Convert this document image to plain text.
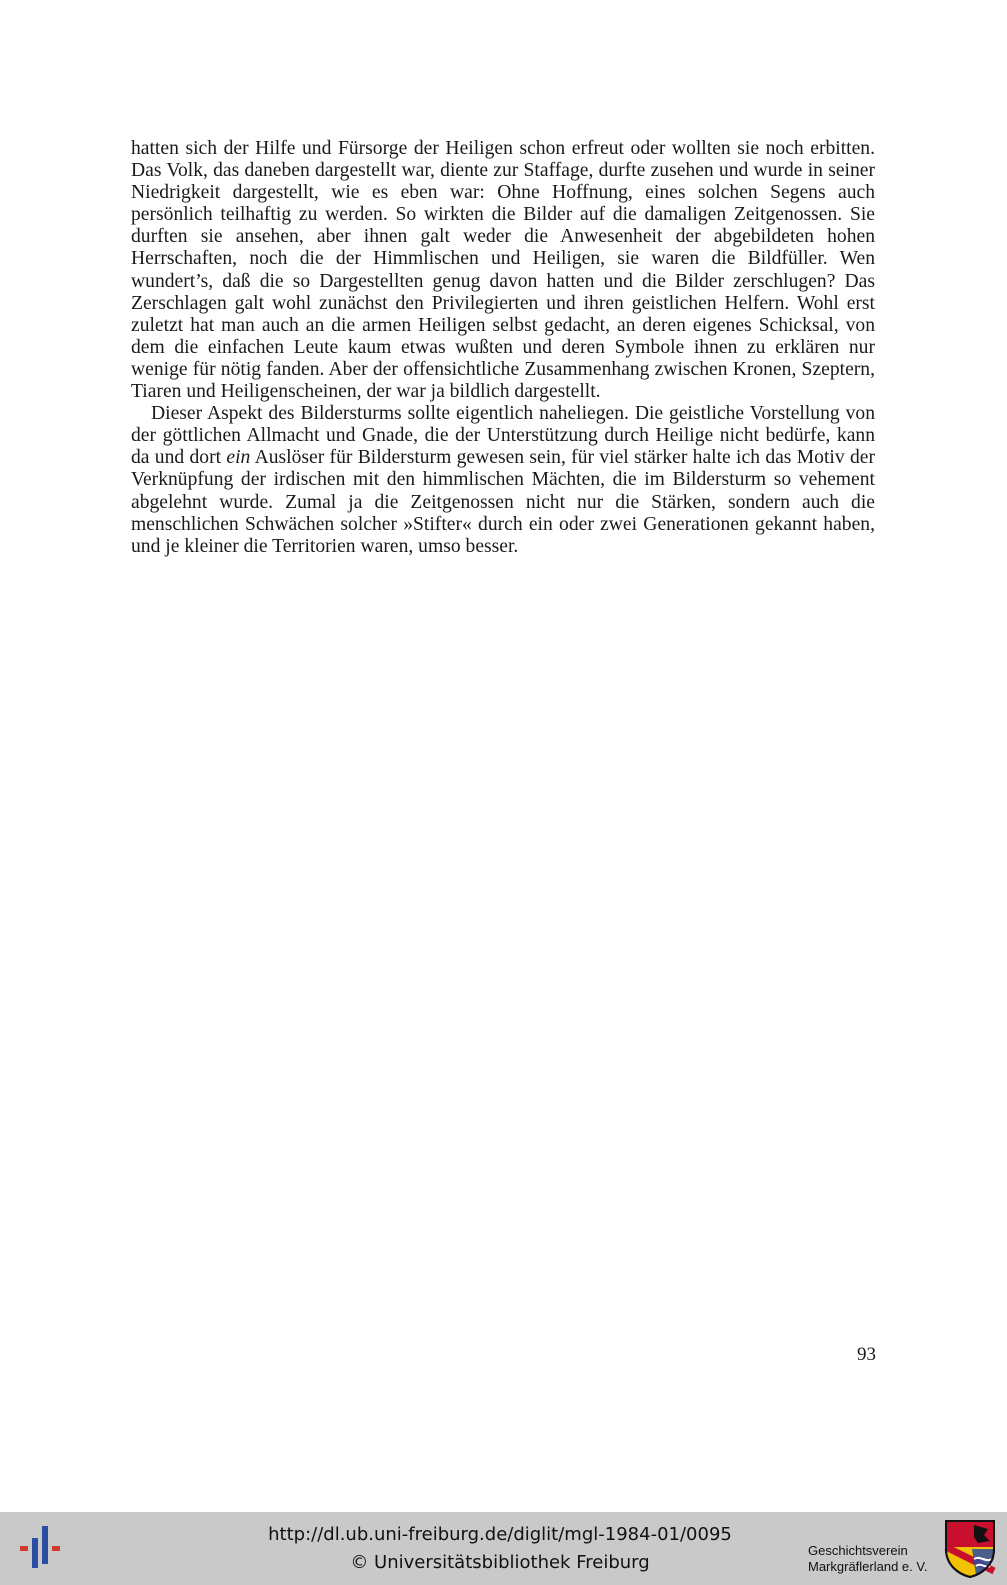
hatten sich der Hilfe und Fürsorge der Heiligen schon erfreut oder wollten sie noch erbitten. Das Volk, das daneben dargestellt war, diente zur Staffage, durfte zusehen und wurde in seiner Niedrigkeit dargestellt, wie es eben war: Ohne Hoffnung, eines solchen Segens auch persönlich teilhaftig zu werden. So wirkten die Bilder auf die damaligen Zeitgenossen. Sie durften sie ansehen, aber ihnen galt weder die Anwesenheit der abgebildeten hohen Herrschaften, noch die der Himmlischen und Heiligen, sie waren die Bildfüller. Wen wundert’s, daß die so Dargestellten genug davon hatten und die Bilder zerschlugen? Das Zerschlagen galt wohl zunächst den Privilegierten und ihren geistlichen Helfern. Wohl erst zuletzt hat man auch an die armen Heiligen selbst gedacht, an deren eigenes Schicksal, von dem die einfachen Leute kaum etwas wußten und deren Symbole ihnen zu erklären nur wenige für nötig fanden. Aber der offensichtliche Zusammenhang zwischen Kronen, Szeptern, Tiaren und Heiligenscheinen, der war ja bildlich dargestellt.

Dieser Aspekt des Bildersturms sollte eigentlich naheliegen. Die geistliche Vorstellung von der göttlichen Allmacht und Gnade, die der Unterstützung durch Heilige nicht bedürfe, kann da und dort ein Auslöser für Bildersturm gewesen sein, für viel stärker halte ich das Motiv der Verknüpfung der irdischen mit den himmlischen Mächten, die im Bildersturm so vehement abgelehnt wurde. Zumal ja die Zeitgenossen nicht nur die Stärken, sondern auch die menschlichen Schwächen solcher »Stifter« durch ein oder zwei Generationen gekannt haben, und je kleiner die Territorien waren, umso besser.

93
http://dl.ub.uni-freiburg.de/diglit/mgl-1984-01/0095
© Universitätsbibliothek Freiburg
Geschichtsverein
Markgräflerland e. V.
